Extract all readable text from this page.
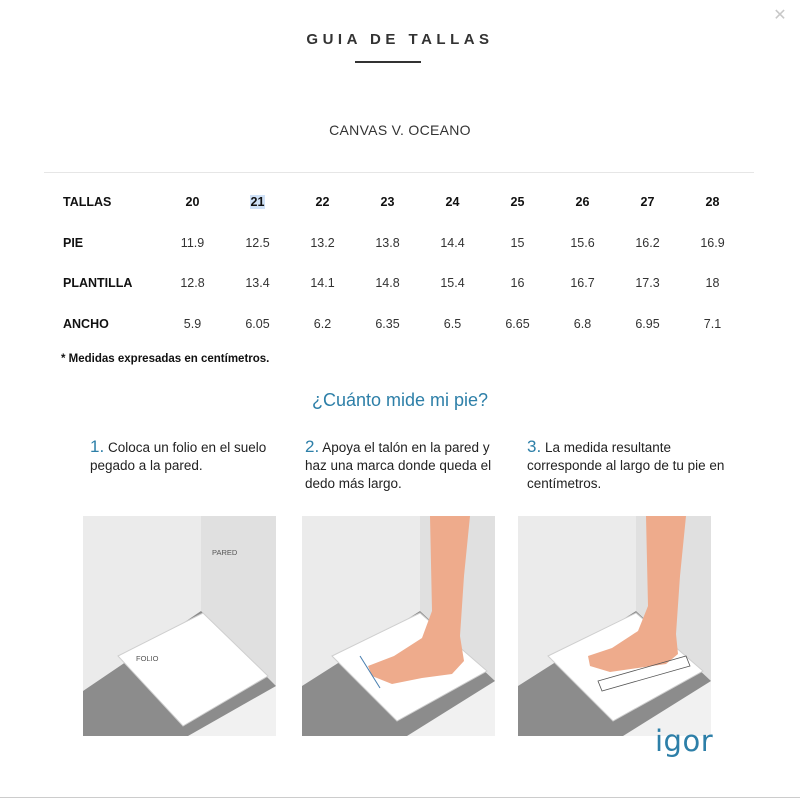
✕
GUIA DE TALLAS
CANVAS V. OCEANO
TALLAS	20	21	22	23	24	25	26	27	28
PIE	11.9	12.5	13.2	13.8	14.4	15	15.6	16.2	16.9
PLANTILLA	12.8	13.4	14.1	14.8	15.4	16	16.7	17.3	18
ANCHO	5.9	6.05	6.2	6.35	6.5	6.65	6.8	6.95	7.1
* Medidas expresadas en centímetros.
¿Cuánto mide mi pie?
1. Coloca un folio en el suelo pegado a la pared.
2. Apoya el talón en la pared y haz una marca donde queda el dedo más largo.
3. La medida resultante corresponde al largo de tu pie en centímetros.
PARED
FOLIO
igor
